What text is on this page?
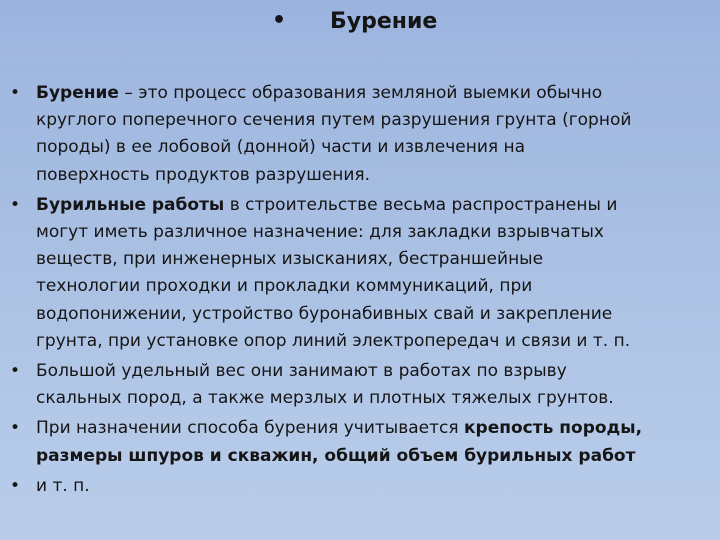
• Бурение
• Бурение – это процесс образования земляной выемки обычно
круглого поперечного сечения путем разрушения грунта (горной
породы) в ее лобовой (донной) части и извлечения на
поверхность продуктов разрушения.
• Бурильные работы в строительстве весьма распространены и
могут иметь различное назначение: для закладки взрывчатых
веществ, при инженерных изысканиях, бестраншейные
технологии проходки и прокладки коммуникаций, при
водопонижении, устройство буронабивных свай и закрепление
грунта, при установке опор линий электропередач и связи и т. п.
• Большой удельный вес они занимают в работах по взрыву
скальных пород, а также мерзлых и плотных тяжелых грунтов.
• При назначении способа бурения учитывается крепость породы,
размеры шпуров и скважин, общий объем бурильных работ
• и т. п.
